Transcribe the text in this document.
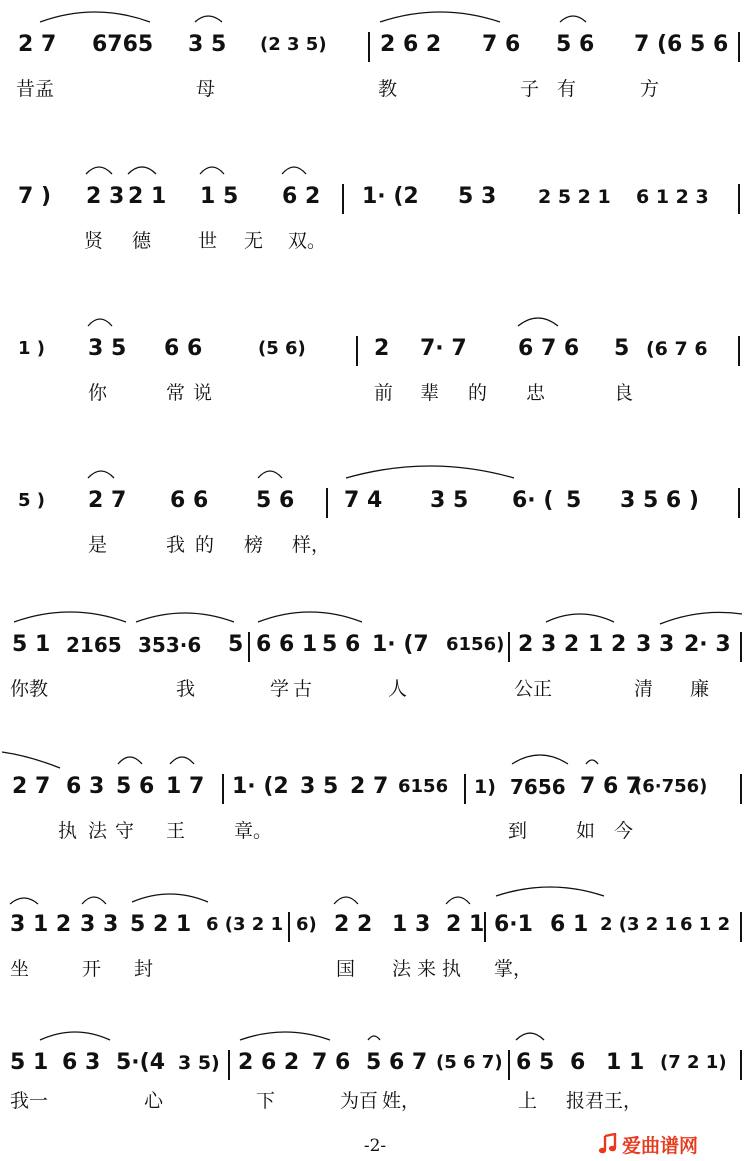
2 7 6765 3 5 (2 3 5) 2 6 2 7 6 5 6 7 (6 5 6
昔孟	母	教	子有 方
7 ) 2 3 2 1 1 5 6 2 1· (2 5 3 2 5 2 1 6 1 2 3
贤 德 世 无 双。
1 ) 3 5 6 6	(5 6)	2 7· 7 6 7 6 5 (6 7 6
你	常说	前 辈 的 忠	良
5 ) 2 7 6 6 5 6 7 4 3 5 6· ( 5 3 5 6 )
是	我的 榜 样，
5 1 2165 353·6 5 6 6 1 5 6 1· (7 6156) 2 3 2 1 2 3 3 2· 3
你教	我	学古	人	公正	清 廉
2 7 6 3 5 6 1 7 1· (2 3 5 2 7 6156 1) 7656 7 6 7
(6·756)
执 法守 王	章。	到	如 今
3 1 2 3 3 5 2 1 6 (3 2 1 6) 2 2 1 3 2 1 6·1 6 1 2 (3 2 1 6 1 2
坐	开 封	国 法来执 掌，
5 1 6 3 5·(4 3 5) 2 6 2 7 6 5 6 7 (5 6 7) 6 5 6 1 1 (7 2 1)
我一	心	下	为百 姓，	上 报君王，
-2-	爱曲谱网
